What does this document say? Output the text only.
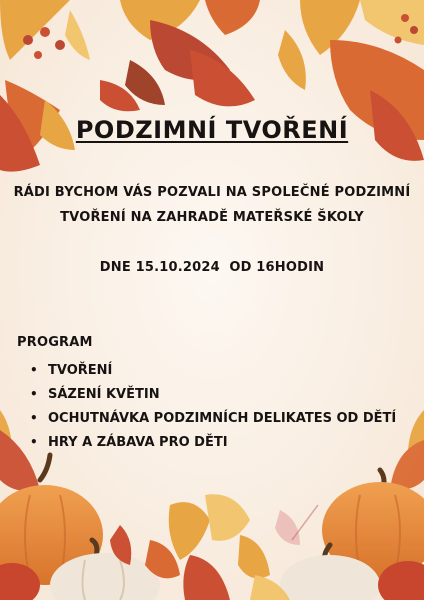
PODZIMNÍ TVOŘENÍ
RÁDI BYCHOM VÁS POZVALI NA SPOLEČNÉ PODZIMNÍ
TVOŘENÍ NA ZAHRADĚ MATEŘSKÉ ŠKOLY
DNE 15.10.2024  OD 16HODIN
PROGRAM
• TVOŘENÍ
• SÁZENÍ KVĚTIN
• OCHUTNÁVKA PODZIMNÍCH DELIKATES OD DĚTÍ
• HRY A ZÁBAVA PRO DĚTI
